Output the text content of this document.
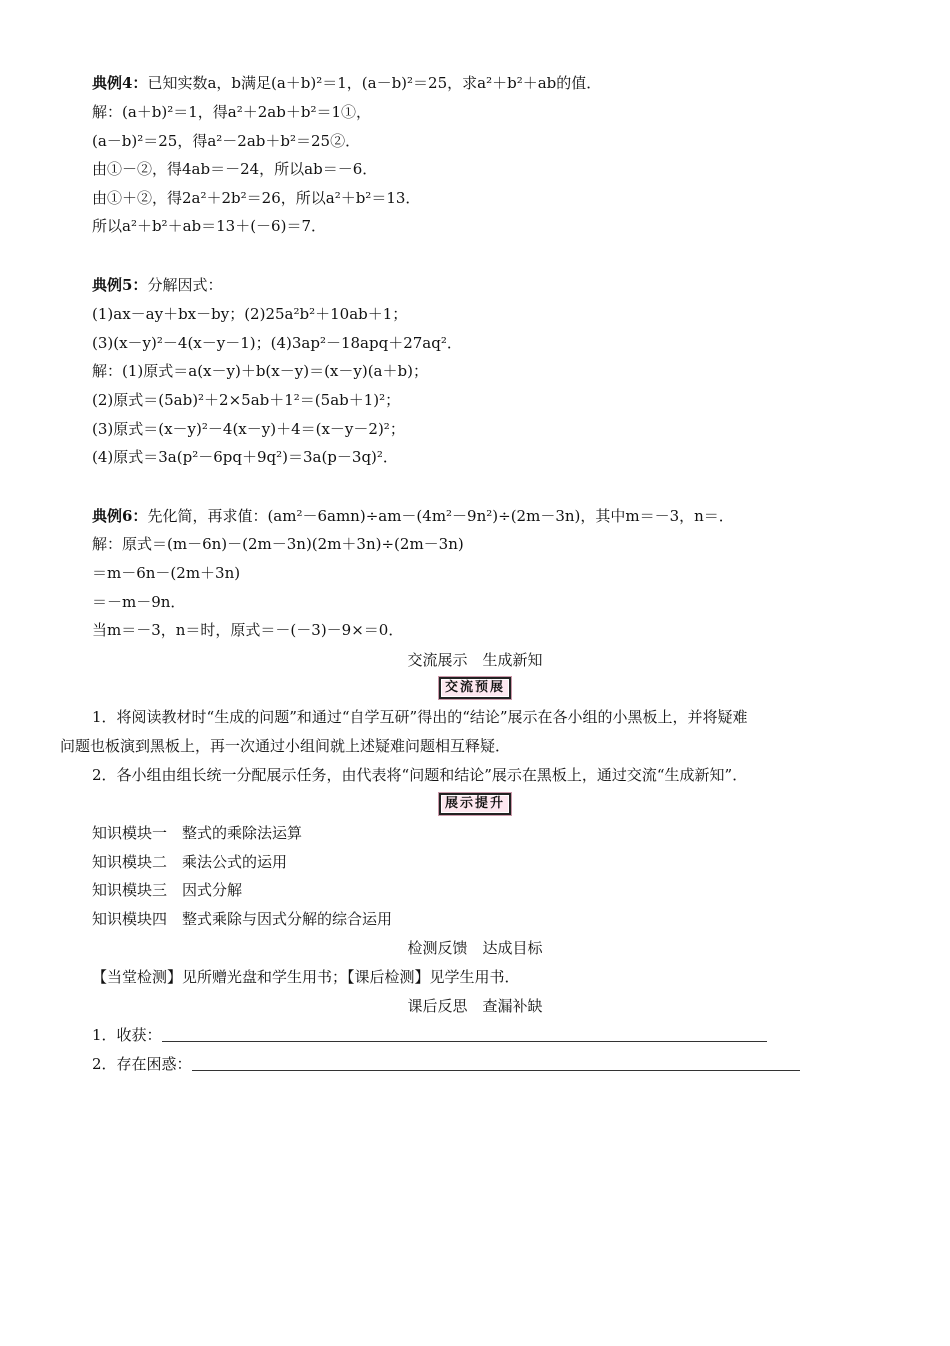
典例4：已知实数a，b满足(a＋b)²＝1，(a－b)²＝25，求a²＋b²＋ab的值．
解：(a＋b)²＝1，得a²＋2ab＋b²＝1①，
(a－b)²＝25，得a²－2ab＋b²＝25②．
由①－②，得4ab＝－24，所以ab＝－6．
由①＋②，得2a²＋2b²＝26，所以a²＋b²＝13．
所以a²＋b²＋ab＝13＋(－6)＝7．
典例5：分解因式：
(1)ax－ay＋bx－by；(2)25a²b²＋10ab＋1；
(3)(x－y)²－4(x－y－1)；(4)3ap²－18apq＋27aq²．
解：(1)原式＝a(x－y)＋b(x－y)＝(x－y)(a＋b)；
(2)原式＝(5ab)²＋2×5ab＋1²＝(5ab＋1)²；
(3)原式＝(x－y)²－4(x－y)＋4＝(x－y－2)²；
(4)原式＝3a(p²－6pq＋9q²)＝3a(p－3q)²．
典例6：先化简，再求值：(am²－6amn)÷am－(4m²－9n²)÷(2m－3n)，其中m＝－3，n＝．
解：原式＝(m－6n)－(2m－3n)(2m＋3n)÷(2m－3n)
＝m－6n－(2m＋3n)
＝－m－9n．
当m＝－3，n＝时，原式＝－(－3)－9×＝0．
交流展示　生成新知
交流预展
1．将阅读教材时“生成的问题”和通过“自学互研”得出的“结论”展示在各小组的小黑板上，并将疑难
问题也板演到黑板上，再一次通过小组间就上述疑难问题相互释疑．
2．各小组由组长统一分配展示任务，由代表将“问题和结论”展示在黑板上，通过交流“生成新知”．
展示提升
知识模块一　整式的乘除法运算
知识模块二　乘法公式的运用
知识模块三　因式分解
知识模块四　整式乘除与因式分解的综合运用
检测反馈　达成目标
【当堂检测】见所赠光盘和学生用书；【课后检测】见学生用书．
课后反思　查漏补缺
1．收获：
2．存在困惑：
